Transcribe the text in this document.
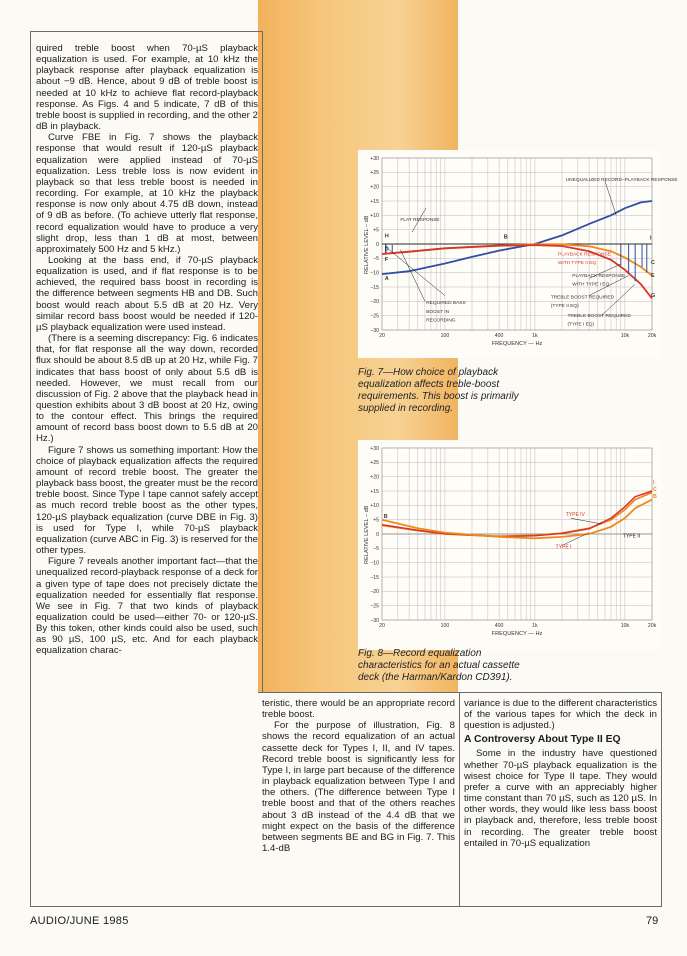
quired treble boost when 70-µS playback equalization is used. For example, at 10 kHz the playback response after playback equalization is about −9 dB. Hence, about 9 dB of treble boost is needed at 10 kHz to achieve flat record-playback response. As Figs. 4 and 5 indicate, 7 dB of this treble boost is supplied in recording, and the other 2 dB in playback.

Curve FBE in Fig. 7 shows the playback response that would result if 120-µS playback equalization were applied instead of 70-µS equalization. Less treble loss is now evident in playback so that less treble boost is needed in recording. For example, at 10 kHz the playback response is now only about 4.75 dB down, instead of 9 dB as before. (To achieve utterly flat response, record equalization would have to produce a very slight drop, less than 1 dB at most, between approximately 500 Hz and 5 kHz.)

Looking at the bass end, if 70-µS playback equalization is used, and if flat response is to be achieved, the required bass boost in recording is the difference between segments HB and DB. Such boost would reach about 5.5 dB at 20 Hz. Very similar record bass boost would be needed if 120-µS playback equalization were used instead.

(There is a seeming discrepancy: Fig. 6 indicates that, for flat response all the way down, recorded flux should be about 8.5 dB up at 20 Hz, while Fig. 7 indicates that bass boost of only about 5.5 dB is needed. However, we must recall from our discussion of Fig. 2 above that the playback head in question exhibits about 3 dB boost at 20 Hz, owing to the contour effect. This brings the required amount of record bass boost down to 5.5 dB at 20 Hz.)

Figure 7 shows us something important: How the choice of playback equalization affects the required amount of record treble boost. The greater the playback bass boost, the greater must be the record treble boost. Since Type I tape cannot safely accept as much record treble boost as the other types, 120-µS playback equalization (curve DBE in Fig. 3) is used for Type I, while 70-µS playback equalization (curve ABC in Fig. 3) is reserved for the other types.

Figure 7 reveals another important fact—that the unequalized record-playback response of a deck for a given type of tape does not precisely dictate the equalization needed for essentially flat response. We see in Fig. 7 that two kinds of playback equalization could be used—either 70- or 120-µS. By this token, other kinds could also be used, such as 90 µS, 100 µS, etc. And for each playback equalization charac-

teristic, there would be an appropriate record treble boost.

For the purpose of illustration, Fig. 8 shows the record equalization of an actual cassette deck for Types I, II, and IV tapes. Record treble boost is significantly less for Type I, in large part because of the difference in playback equalization between Type I and the others. (The difference between Type I treble boost and that of the others reaches about 3 dB instead of the 4.4 dB that we might expect on the basis of the difference between segments BE and BG in Fig. 7. This 1.4-dB

variance is due to the different characteristics of the various tapes for which the deck in question is adjusted.)

A Controversy About Type II EQ

Some in the industry have questioned whether 70-µS playback equalization is the wisest choice for Type II tape. They would prefer a curve with an appreciably higher time constant than 70 µS, such as 120 µS. In other words, they would like less bass boost in playback and, therefore, less treble boost in recording. The greater treble boost entailed in 70-µS equalization

+30
+25
+20
+15
+10
+5
0
−5
−10
−15
−20
−25
−30
20	100	400	1k	10k	20k
RELATIVE LEVEL – dB
FREQUENCY — Hz
UNEQUALIZED RECORD–PLAYBACK RESPONSE
FLAT RESPONSE
PLAYBACK RESPONSE
WITH TYPE II EQ
PLAYBACK RESPONSE
WITH TYPE I EQ
TREBLE BOOST REQUIRED
(TYPE II EQ)
TREBLE BOOST REQUIRED
(TYPE I EQ)
REQUIRED BASS
BOOST IN
RECORDING
H
D
F
A
B	I
C
E
G
Fig. 7—How choice of playback equalization affects treble-boost requirements. This boost is primarily supplied in recording.
+30
+25
+20
+15
+10
+5
0
−5
−10
−15
−20
−25
−30
20	100	400	1k	10k	20k
TYPE IV
TYPE II
TYPE I
B
I
C
B
RELATIVE LEVEL – dB
FREQUENCY — Hz
Fig. 8—Record equalization characteristics for an actual cassette deck (the Harman/Kardon CD391).
AUDIO/JUNE 1985	79
